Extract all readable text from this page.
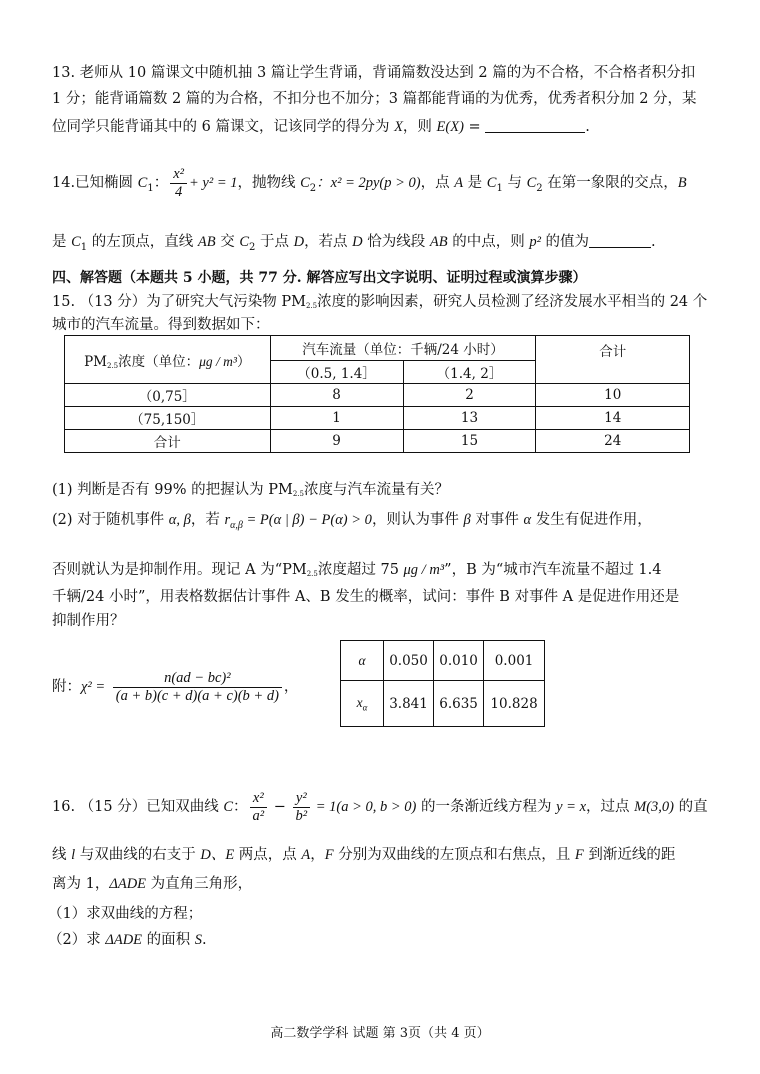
13. 老师从 10 篇课文中随机抽 3 篇让学生背诵，背诵篇数没达到 2 篇的为不合格，不合格者积分扣
1 分；能背诵篇数 2 篇的为合格，不扣分也不加分；3 篇都能背诵的为优秀，优秀者积分加 2 分，某
位同学只能背诵其中的 6 篇课文，记该同学的得分为 X，则 E(X) =	.
14.已知椭圆 $C_1$： $\frac{\text{x²}}{4} + y^2 = 1$，抛物线 $C_2$：x² = 2py(p > 0)，点 A 是 $C_1$ 与 $C_2$ 在第一象限的交点，B
是 $C_1$ 的左顶点，直线 AB 交 $C_2$ 于点 D，若点 D 恰为线段 AB 的中点，则 p² 的值为	.
四、解答题（本题共 5 小题，共 77 分. 解答应写出文字说明、证明过程或演算步骤）
15. （13 分）为了研究大气污染物 PM2.5浓度的影响因素，研究人员检测了经济发展水平相当的 24 个
城市的汽车流量。得到数据如下：
PM2.5浓度（单位：μg / m³）	汽车流量（单位：千辆/24 小时）		合计
	（0.5, 1.4］	（1.4, 2］	
（0,75］	8	2	10
（75,150］	1	13	14
合计	9	15	24
(1) 判断是否有 99% 的把握认为 PM2.5浓度与汽车流量有关？
(2) 对于随机事件 α, β，若 $r_{\alpha,\beta} = P(\alpha$ | β) − P(α) > 0，则认为事件 β 对事件 α 发生有促进作用，
否则就认为是抑制作用。现记 A 为“PM2.5浓度超过 75 μg / m³”，B 为“城市汽车流量不超过 1.4
千辆/24 小时”，用表格数据估计事件 A、B 发生的概率，试问：事件 B 对事件 A 是促进作用还是
抑制作用？
附：$\chi^2 = \frac{\text{n(ad − bc)²}}{(a + b)(c + d)(a + c)(b + d)}$ ，
α	0.050	0.010	0.001
$x_\alpha$	3.841	6.635	10.828
16. （15 分）已知双曲线 C： $\frac{\text{x²}}{\text{a²}} - \frac{\text{y²}}{\text{b²}} = 1(a > 0$, b > 0) 的一条渐近线方程为 y = x，过点 M(3,0) 的直
线 l 与双曲线的右支于 D、E 两点，点 A，F 分别为双曲线的左顶点和右焦点，且 F 到渐近线的距
离为 1，ΔADE 为直角三角形，
（1）求双曲线的方程；
（2）求 ΔADE 的面积 S.
高二数学学科 试题 第 3页（共 4 页）
